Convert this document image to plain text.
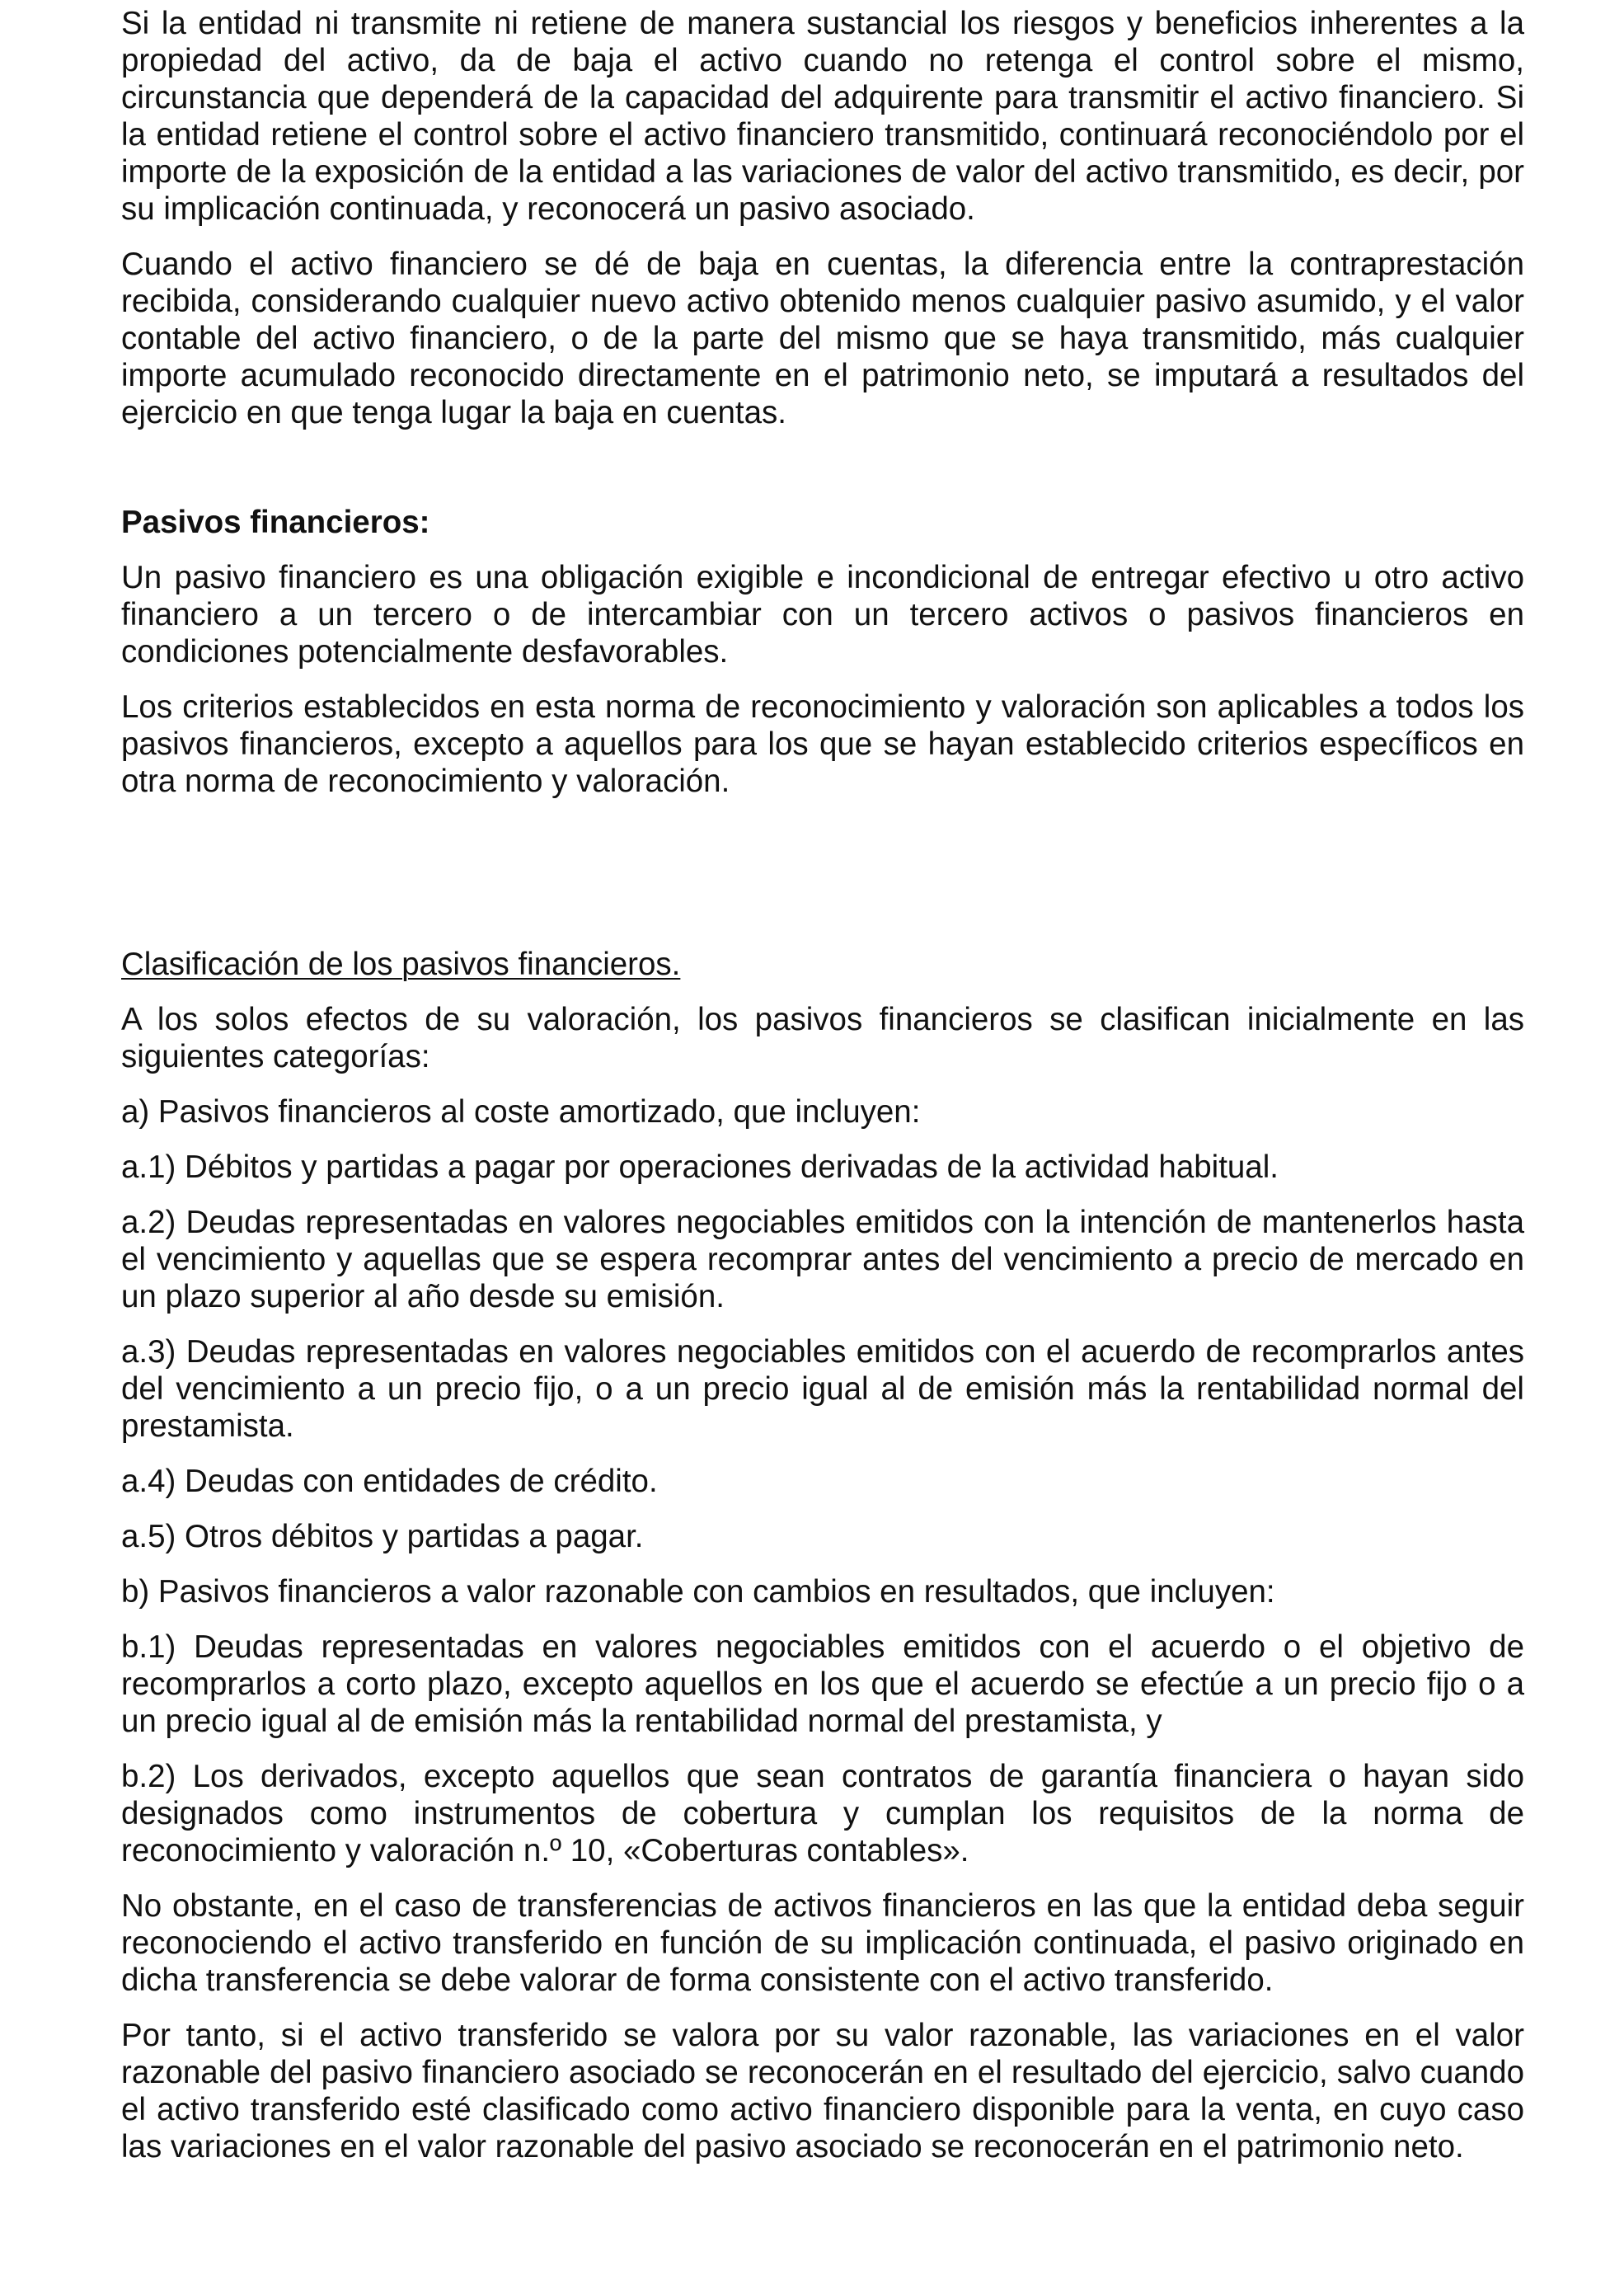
Si la entidad ni transmite ni retiene de manera sustancial los riesgos y beneficios inherentes a la propiedad del activo, da de baja el activo cuando no retenga el control sobre el mismo, circunstancia que dependerá de la capacidad del adquirente para transmitir el activo financiero. Si la entidad retiene el control sobre el activo financiero transmitido, continuará reconociéndolo por el importe de la exposición de la entidad a las variaciones de valor del activo transmitido, es decir, por su implicación continuada, y reconocerá un pasivo asociado.

Cuando el activo financiero se dé de baja en cuentas, la diferencia entre la contraprestación recibida, considerando cualquier nuevo activo obtenido menos cualquier pasivo asumido, y el valor contable del activo financiero, o de la parte del mismo que se haya transmitido, más cualquier importe acumulado reconocido directamente en el patrimonio neto, se imputará a resultados del ejercicio en que tenga lugar la baja en cuentas.

Pasivos financieros:

Un pasivo financiero es una obligación exigible e incondicional de entregar efectivo u otro activo financiero a un tercero o de intercambiar con un tercero activos o pasivos financieros en condiciones potencialmente desfavorables.

Los criterios establecidos en esta norma de reconocimiento y valoración son aplicables a todos los pasivos financieros, excepto a aquellos para los que se hayan establecido criterios específicos en otra norma de reconocimiento y valoración.

Clasificación de los pasivos financieros.

A los solos efectos de su valoración, los pasivos financieros se clasifican inicialmente en las siguientes categorías:

a) Pasivos financieros al coste amortizado, que incluyen:

a.1) Débitos y partidas a pagar por operaciones derivadas de la actividad habitual.

a.2) Deudas representadas en valores negociables emitidos con la intención de mantenerlos hasta el vencimiento y aquellas que se espera recomprar antes del vencimiento a precio de mercado en un plazo superior al año desde su emisión.

a.3) Deudas representadas en valores negociables emitidos con el acuerdo de recomprarlos antes del vencimiento a un precio fijo, o a un precio igual al de emisión más la rentabilidad normal del prestamista.

a.4) Deudas con entidades de crédito.

a.5) Otros débitos y partidas a pagar.

b) Pasivos financieros a valor razonable con cambios en resultados, que incluyen:

b.1) Deudas representadas en valores negociables emitidos con el acuerdo o el objetivo de recomprarlos a corto plazo, excepto aquellos en los que el acuerdo se efectúe a un precio fijo o a un precio igual al de emisión más la rentabilidad normal del prestamista, y

b.2) Los derivados, excepto aquellos que sean contratos de garantía financiera o hayan sido designados como instrumentos de cobertura y cumplan los requisitos de la norma de reconocimiento y valoración n.º 10, «Coberturas contables».

No obstante, en el caso de transferencias de activos financieros en las que la entidad deba seguir reconociendo el activo transferido en función de su implicación continuada, el pasivo originado en dicha transferencia se debe valorar de forma consistente con el activo transferido.

Por tanto, si el activo transferido se valora por su valor razonable, las variaciones en el valor razonable del pasivo financiero asociado se reconocerán en el resultado del ejercicio, salvo cuando el activo transferido esté clasificado como activo financiero disponible para la venta, en cuyo caso las variaciones en el valor razonable del pasivo asociado se reconocerán en el patrimonio neto.
